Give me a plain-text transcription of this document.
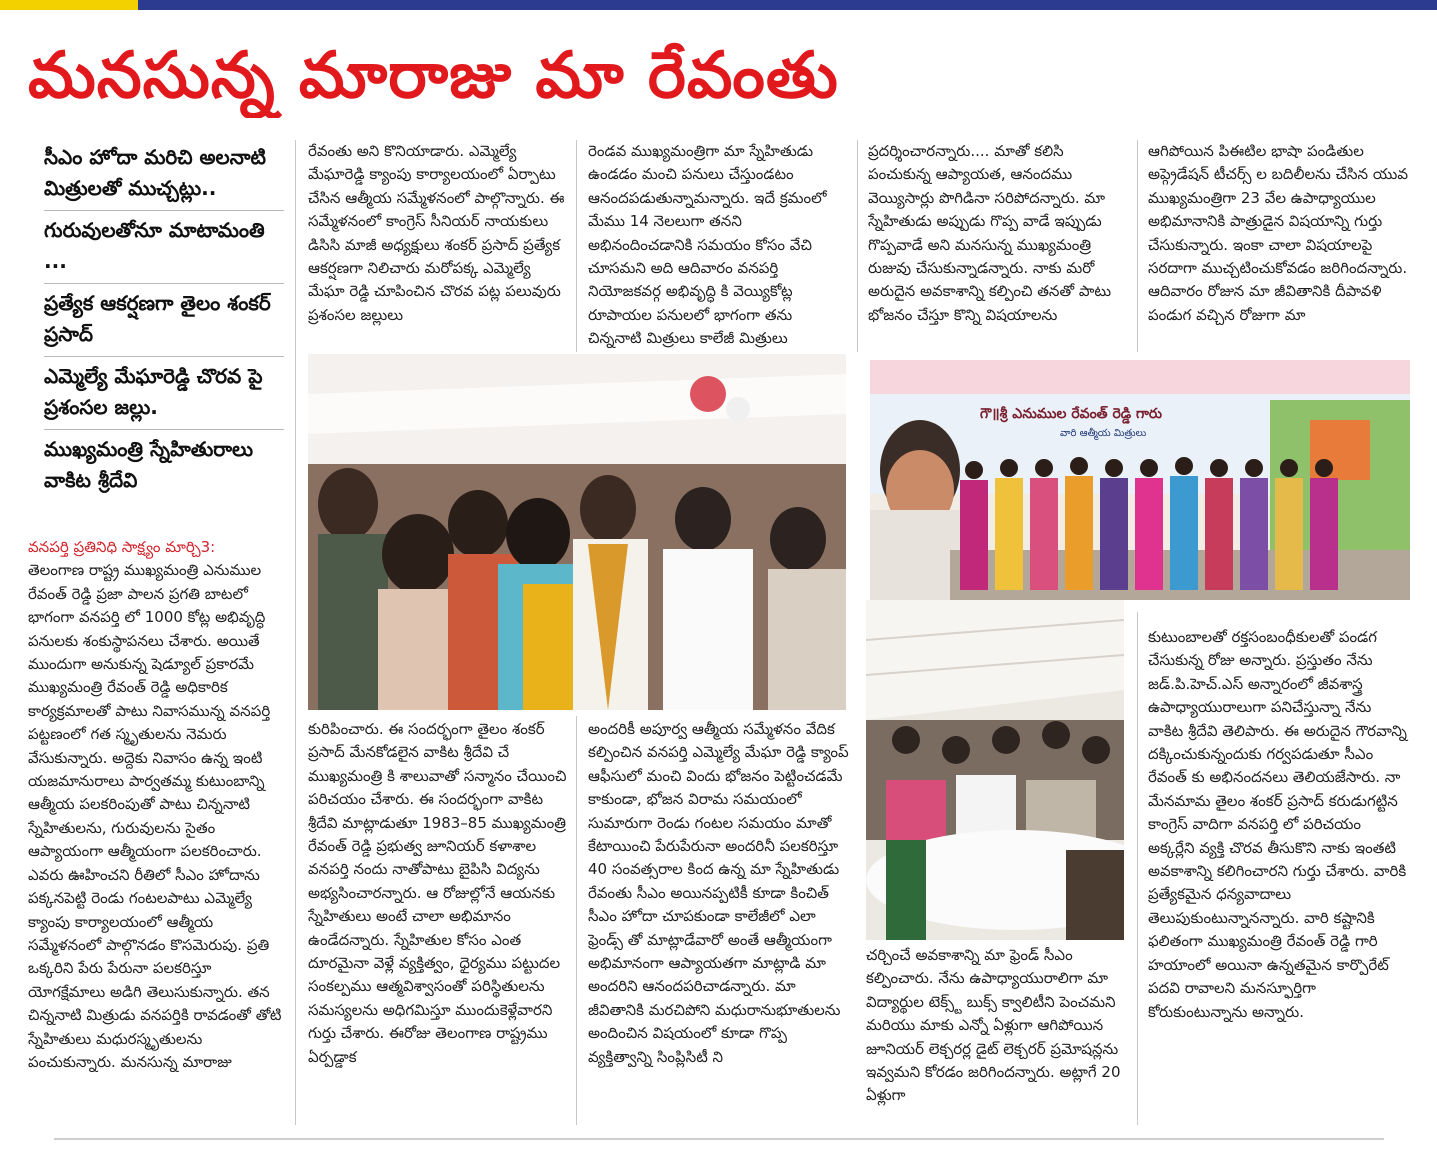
మనసున్న మారాజు మా రేవంతు
సీఎం హోదా మరిచి అలనాటి మిత్రులతో ముచ్చట్లు..
గురువులతోనూ మాటామంతి ...
ప్రత్యేక ఆకర్షణగా తైలం శంకర్ ప్రసాద్
ఎమ్మెల్యే మేఘారెడ్డి చొరవ పై ప్రశంసల జల్లు.
ముఖ్యమంత్రి స్నేహితురాలు వాకిట శ్రీదేవి

వనపర్తి ప్రతినిధి సాక్ష్యం మార్చి3:

తెలంగాణ రాష్ట్ర ముఖ్యమంత్రి ఎనుముల రేవంత్ రెడ్డి ప్రజా పాలన ప్రగతి బాటలో భాగంగా వనపర్తి లో 1000 కోట్ల అభివృద్ధి పనులకు శంకుస్థాపనలు చేశారు. అయితే ముందుగా అనుకున్న షెడ్యూల్ ప్రకారమే ముఖ్యమంత్రి రేవంత్ రెడ్డి అధికారిక కార్యక్రమాలతో పాటు నివాసమున్న వనపర్తి పట్టణంలో గత స్మృతులను నెమరు వేసుకున్నారు. అద్దెకు నివాసం ఉన్న ఇంటి యజమానురాలు పార్వతమ్మ కుటుంబాన్ని ఆత్మీయ పలకరింపుతో పాటు చిన్ననాటి స్నేహితులను, గురువులను సైతం ఆప్యాయంగా ఆత్మీయంగా పలకరించారు. ఎవరు ఊహించని రీతిలో సీఎం హోదాను పక్కనపెట్టి రెండు గంటలపాటు ఎమ్మెల్యే క్యాంపు కార్యాలయంలో ఆత్మీయ సమ్మేళనంలో పాల్గొనడం కొసమెరుపు. ప్రతి ఒక్కరిని పేరు పేరునా పలకరిస్తూ యోగక్షేమాలు అడిగి తెలుసుకున్నారు. తన చిన్ననాటి మిత్రుడు వనపర్తికి రావడంతో తోటి స్నేహితులు మధురస్మృతులను పంచుకున్నారు. మనసున్న మారాజు

రేవంతు అని కొనియాడారు. ఎమ్మెల్యే మేఘారెడ్డి క్యాంపు కార్యాలయంలో ఏర్పాటు చేసిన ఆత్మీయ సమ్మేళనంలో పాల్గొన్నారు. ఈ సమ్మేళనంలో కాంగ్రెస్ సీనియర్ నాయకులు డిసిసి మాజీ అధ్యక్షులు శంకర్ ప్రసాద్ ప్రత్యేక ఆకర్షణగా నిలిచారు మరోపక్క ఎమ్మెల్యే మేఘా రెడ్డి చూపించిన చొరవ పట్ల పలువురు ప్రశంసల జల్లులు

రెండవ ముఖ్యమంత్రిగా మా స్నేహితుడు ఉండడం మంచి పనులు చేస్తుండటం ఆనందపడుతున్నామన్నారు. ఇదే క్రమంలో మేము 14 నెలలుగా తనని అభినందించడానికి సమయం కోసం వేచి చూసమని అది ఆదివారం వనపర్తి నియోజకవర్గ అభివృద్ధి కి వెయ్యికోట్ల రూపాయల పనులలో భాగంగా తను చిన్ననాటి మిత్రులు కాలేజీ మిత్రులు

ప్రదర్శించారన్నారు.... మాతో కలిసి పంచుకున్న ఆప్యాయత, ఆనందము వెయ్యిసార్లు పొగిడినా సరిపోదన్నారు. మా స్నేహితుడు అప్పుడు గొప్ప వాడే ఇప్పుడు గొప్పవాడే అని మనసున్న ముఖ్యమంత్రి రుజువు చేసుకున్నాడన్నారు. నాకు మరో అరుదైన అవకాశాన్ని కల్పించి తనతో పాటు భోజనం చేస్తూ కొన్ని విషయాలను

ఆగిపోయిన పిఈటిల భాషా పండితుల అప్గ్రెడేషన్ టీచర్స్ ల బదిలీలను చేసిన యువ ముఖ్యమంత్రిగా 23 వేల ఉపాధ్యాయుల అభిమానానికి పాత్రుడైన విషయాన్ని గుర్తు చేసుకున్నారు. ఇంకా చాలా విషయాలపై సరదాగా ముచ్చటించుకోవడం జరిగిందన్నారు. ఆదివారం రోజున మా జీవితానికి దీపావళి పండుగ వచ్చిన రోజుగా మా

గౌ॥శ్రీ ఎనుముల రేవంత్ రెడ్డి గారు
వారి ఆత్మీయ మిత్రులు

కురిపించారు. ఈ సందర్భంగా తైలం శంకర్ ప్రసాద్ మేనకోడలైన వాకిట శ్రీదేవి చే ముఖ్యమంత్రి కి శాలువాతో సన్మానం చేయించి పరిచయం చేశారు. ఈ సందర్భంగా వాకిట శ్రీదేవి మాట్లాడుతూ 1983–85 ముఖ్యమంత్రి రేవంత్ రెడ్డి ప్రభుత్వ జూనియర్ కళాశాల వనపర్తి నందు నాతోపాటు బైపిసి విద్యను అభ్యసించారన్నారు. ఆ రోజుల్లోనే ఆయనకు స్నేహితులు అంటే చాలా అభిమానం ఉండేదన్నారు. స్నేహితుల కోసం ఎంత దూరమైనా వెళ్లే వ్యక్తిత్వం, ధైర్యము పట్టుదల సంకల్పము ఆత్మవిశ్వాసంతో పరిస్థితులను సమస్యలను అధిగమిస్తూ ముందుకెళ్లేవారని గుర్తు చేశారు. ఈరోజు తెలంగాణ రాష్ట్రము ఏర్పడ్డాక

అందరికీ అపూర్వ ఆత్మీయ సమ్మేళనం వేదిక కల్పించిన వనపర్తి ఎమ్మెల్యే మేఘా రెడ్డి క్యాంప్ ఆఫీసులో మంచి విందు భోజనం పెట్టించడమే కాకుండా, భోజన విరామ సమయంలో సుమారుగా రెండు గంటల సమయం మాతో కేటాయించి పేరుపేరునా అందరినీ పలకరిస్తూ 40 సంవత్సరాల కింద ఉన్న మా స్నేహితుడు రేవంతు సీఎం అయినప్పటికీ కూడా కించిత్ సీఎం హోదా చూపకుండా కాలేజీలో ఎలా ఫ్రెండ్స్ తో మాట్లాడేవారో అంతే ఆత్మీయంగా అభిమానంగా ఆప్యాయతగా మాట్లాడి మా అందరిని ఆనందపరిచాడన్నారు. మా జీవితానికి మరచిపోని మధురానుభూతులను అందించిన విషయంలో కూడా గొప్ప వ్యక్తిత్వాన్ని సింప్లిసిటీ ని

చర్చించే అవకాశాన్ని మా ఫ్రెండ్ సీఎం కల్పించారు. నేను ఉపాధ్యాయురాలిగా మా విద్యార్థుల టెక్స్ట్ బుక్స్ క్వాలిటీని పెంచమని మరియు మాకు ఎన్నో ఏళ్లుగా ఆగిపోయిన జూనియర్ లెక్చరర్ల డైట్ లెక్చరర్ ప్రమోషన్లను ఇవ్వమని కోరడం జరిగిందన్నారు. అట్లాగే 20 ఏళ్లుగా

కుటుంబాలతో రక్తసంబంధీకులతో పండగ చేసుకున్న రోజు అన్నారు. ప్రస్తుతం నేను జడ్.పి.హెచ్.ఎస్ అన్నారంలో జీవశాస్త్ర ఉపాధ్యాయురాలుగా పనిచేస్తున్నా నేను వాకిట శ్రీదేవి తెలిపారు. ఈ అరుదైన గౌరవాన్ని దక్కించుకున్నందుకు గర్వపడుతూ సీఎం రేవంత్ కు అభినందనలు తెలియజేసారు. నా మేనమామ తైలం శంకర్ ప్రసాద్ కరుడుగట్టిన కాంగ్రెస్ వాదిగా వనపర్తి లో పరిచయం అక్కర్లేని వ్యక్తి చొరవ తీసుకొని నాకు ఇంతటి అవకాశాన్ని కలిగించారని గుర్తు చేశారు. వారికి ప్రత్యేకమైన ధన్యవాదాలు తెలుపుకుంటున్నానన్నారు. వారి కష్టానికి ఫలితంగా ముఖ్యమంత్రి రేవంత్ రెడ్డి గారి హయాంలో అయినా ఉన్నతమైన కార్పొరేట్ పదవి రావాలని మనస్ఫూర్తిగా కోరుకుంటున్నాను అన్నారు.
